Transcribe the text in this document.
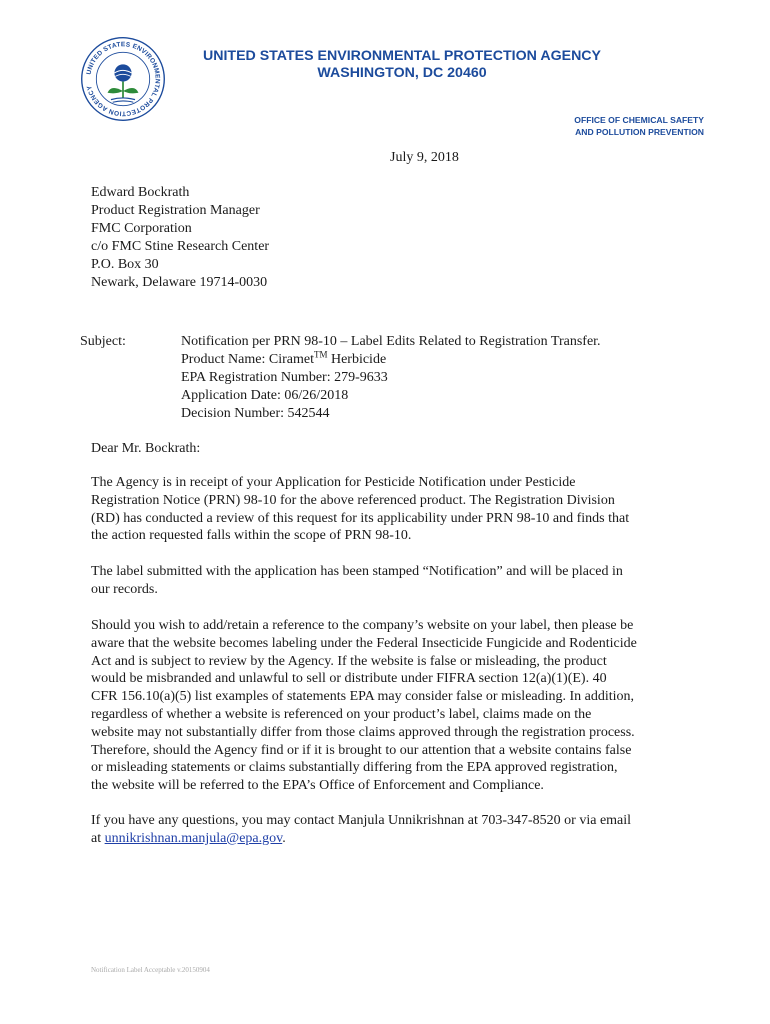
UNITED STATES ENVIRONMENTAL PROTECTION AGENCY
UNITED STATES ENVIRONMENTAL PROTECTION AGENCY
WASHINGTON, DC 20460
OFFICE OF CHEMICAL SAFETY
AND POLLUTION PREVENTION
July 9, 2018
Edward Bockrath
Product Registration Manager
FMC Corporation
c/o FMC Stine Research Center
P.O. Box 30
Newark, Delaware 19714-0030
Subject:	Notification per PRN 98-10 – Label Edits Related to Registration Transfer.
Product Name: Ciramet™ Herbicide
EPA Registration Number: 279-9633
Application Date: 06/26/2018
Decision Number: 542544
Dear Mr. Bockrath:
The Agency is in receipt of your Application for Pesticide Notification under Pesticide
Registration Notice (PRN) 98-10 for the above referenced product. The Registration Division
(RD) has conducted a review of this request for its applicability under PRN 98-10 and finds that
the action requested falls within the scope of PRN 98-10.
The label submitted with the application has been stamped “Notification” and will be placed in
our records.
Should you wish to add/retain a reference to the company’s website on your label, then please be
aware that the website becomes labeling under the Federal Insecticide Fungicide and Rodenticide
Act and is subject to review by the Agency. If the website is false or misleading, the product
would be misbranded and unlawful to sell or distribute under FIFRA section 12(a)(1)(E). 40
CFR 156.10(a)(5) list examples of statements EPA may consider false or misleading. In addition,
regardless of whether a website is referenced on your product’s label, claims made on the
website may not substantially differ from those claims approved through the registration process.
Therefore, should the Agency find or if it is brought to our attention that a website contains false
or misleading statements or claims substantially differing from the EPA approved registration,
the website will be referred to the EPA’s Office of Enforcement and Compliance.
If you have any questions, you may contact Manjula Unnikrishnan at 703-347-8520 or via email
at unnikrishnan.manjula@epa.gov.
Notification Label Acceptable v.20150904
